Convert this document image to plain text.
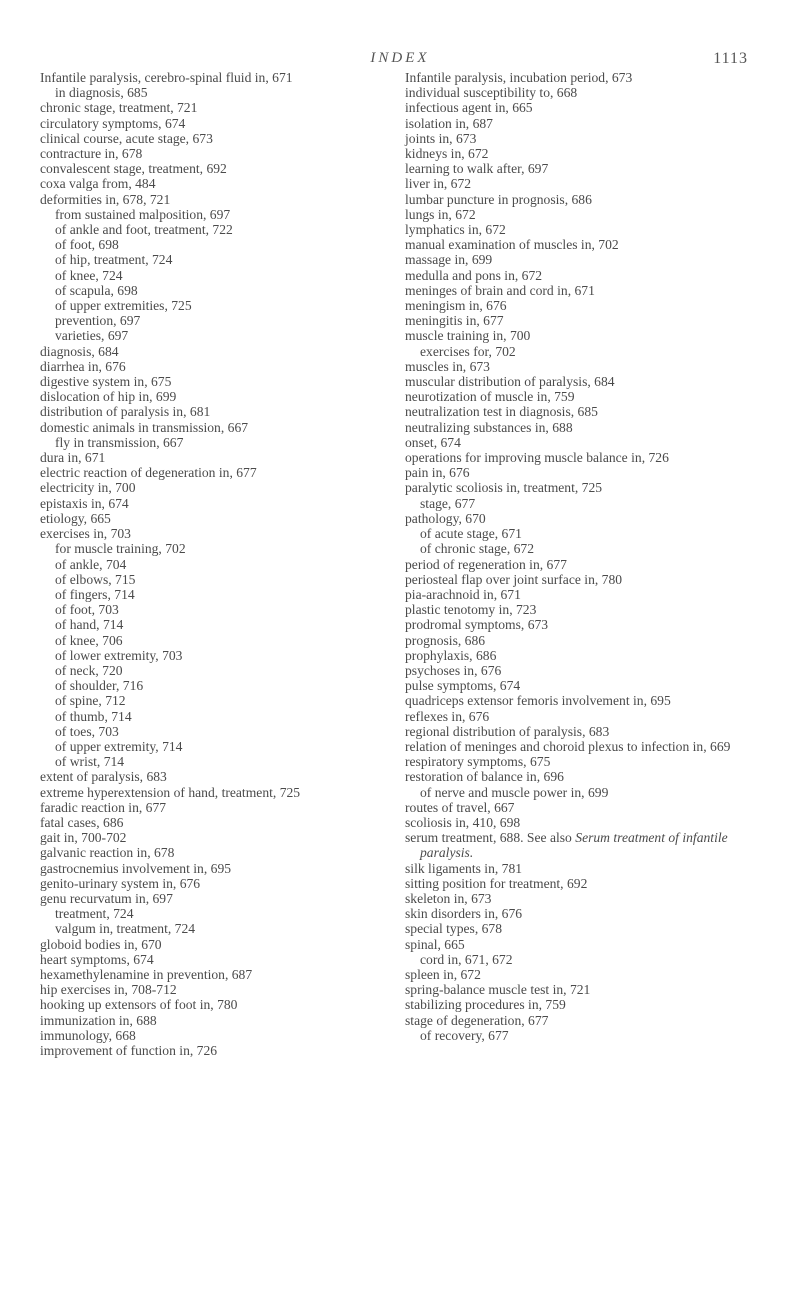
INDEX	1113
Infantile paralysis, cerebro-spinal fluid in, 671
in diagnosis, 685
chronic stage, treatment, 721
circulatory symptoms, 674
clinical course, acute stage, 673
contracture in, 678
convalescent stage, treatment, 692
coxa valga from, 484
deformities in, 678, 721
from sustained malposition, 697
of ankle and foot, treatment, 722
of foot, 698
of hip, treatment, 724
of knee, 724
of scapula, 698
of upper extremities, 725
prevention, 697
varieties, 697
diagnosis, 684
diarrhea in, 676
digestive system in, 675
dislocation of hip in, 699
distribution of paralysis in, 681
domestic animals in transmission, 667
fly in transmission, 667
dura in, 671
electric reaction of degeneration in, 677
electricity in, 700
epistaxis in, 674
etiology, 665
exercises in, 703
for muscle training, 702
of ankle, 704
of elbows, 715
of fingers, 714
of foot, 703
of hand, 714
of knee, 706
of lower extremity, 703
of neck, 720
of shoulder, 716
of spine, 712
of thumb, 714
of toes, 703
of upper extremity, 714
of wrist, 714
extent of paralysis, 683
extreme hyperextension of hand, treatment, 725
faradic reaction in, 677
fatal cases, 686
gait in, 700-702
galvanic reaction in, 678
gastrocnemius involvement in, 695
genito-urinary system in, 676
genu recurvatum in, 697
treatment, 724
valgum in, treatment, 724
globoid bodies in, 670
heart symptoms, 674
hexamethylenamine in prevention, 687
hip exercises in, 708-712
hooking up extensors of foot in, 780
immunization in, 688
immunology, 668
improvement of function in, 726
Infantile paralysis, incubation period, 673
individual susceptibility to, 668
infectious agent in, 665
isolation in, 687
joints in, 673
kidneys in, 672
learning to walk after, 697
liver in, 672
lumbar puncture in prognosis, 686
lungs in, 672
lymphatics in, 672
manual examination of muscles in, 702
massage in, 699
medulla and pons in, 672
meninges of brain and cord in, 671
meningism in, 676
meningitis in, 677
muscle training in, 700
exercises for, 702
muscles in, 673
muscular distribution of paralysis, 684
neurotization of muscle in, 759
neutralization test in diagnosis, 685
neutralizing substances in, 688
onset, 674
operations for improving muscle balance in, 726
pain in, 676
paralytic scoliosis in, treatment, 725
stage, 677
pathology, 670
of acute stage, 671
of chronic stage, 672
period of regeneration in, 677
periosteal flap over joint surface in, 780
pia-arachnoid in, 671
plastic tenotomy in, 723
prodromal symptoms, 673
prognosis, 686
prophylaxis, 686
psychoses in, 676
pulse symptoms, 674
quadriceps extensor femoris involvement in, 695
reflexes in, 676
regional distribution of paralysis, 683
relation of meninges and choroid plexus to infection in, 669
respiratory symptoms, 675
restoration of balance in, 696
of nerve and muscle power in, 699
routes of travel, 667
scoliosis in, 410, 698
serum treatment, 688. See also Serum treatment of infantile paralysis.
silk ligaments in, 781
sitting position for treatment, 692
skeleton in, 673
skin disorders in, 676
special types, 678
spinal, 665
cord in, 671, 672
spleen in, 672
spring-balance muscle test in, 721
stabilizing procedures in, 759
stage of degeneration, 677
of recovery, 677
